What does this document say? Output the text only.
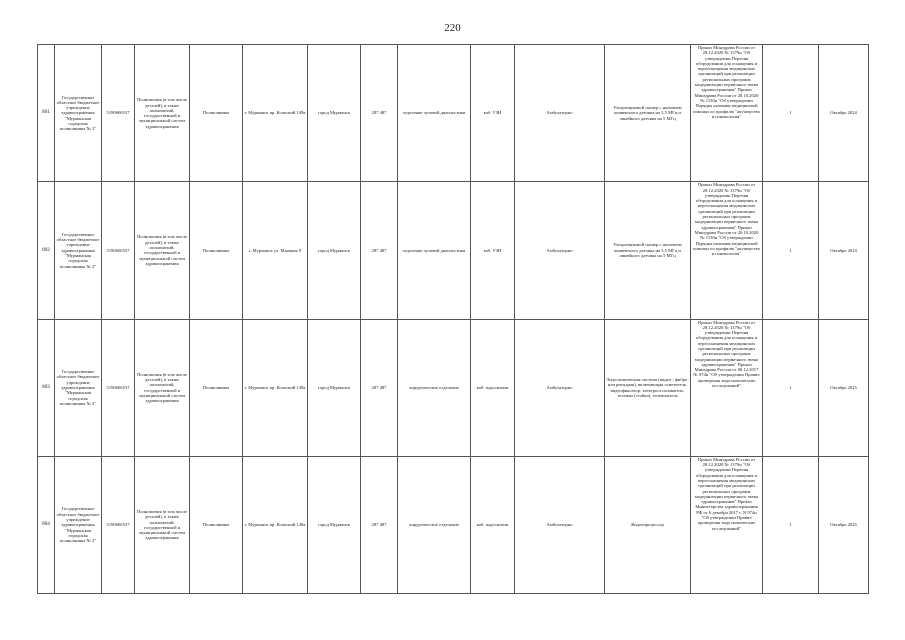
220
801	Государственное областное бюджетное учреждение здравоохранения "Мурманская городская поликлиника № 2"	5190606537	Полномочия (в том числе деталей), в также полномочий, государственной и муниципальной систем здравоохранения	Поликлиника	г. Мурманск пр. Кольский 149а	город Мурманск	287 487	отделение лучевой диагностики	каб. УЗИ	Амбулаторно	Ультразвуковой сканер с наличием конвексного датчика на 3,5 МГц и линейного датчика на 5 МГц	Приказ Минздрава России от 28.12.2020 № 1379н "Об утверждении Перечня оборудования для оснащения и переоснащения медицинских организаций при реализации региональных программ модернизации первичного звена здравоохранения" Приказ Минздрава России от 28.10.2020 № 1130н "Об утверждении Порядка оказания медицинской помощи по профилю "акушерство и гинекология"	1	Октябрь 2024
802	Государственное областное бюджетное учреждение здравоохранения "Мурманская городская поликлиника № 2"	5190606537	Полномочия (в том числе деталей), в также полномочий, государственной и муниципальной систем здравоохранения	Поликлиника	г. Мурманск ул. Маячная 9	город Мурманск	287 487	отделение лучевой диагностики	каб. УЗИ	Амбулаторно	Ультразвуковой сканер с наличием конвексного датчика на 3,5 МГц и линейного датчика на 5 МГц	Приказ Минздрава России от 28.12.2020 № 1379н "Об утверждении Перечня оборудования для оснащения и переоснащения медицинских организаций при реализации региональных программ модернизации первичного звена здравоохранения" Приказ Минздрава России от 20.10.2020 № 1130н "Об утверждении Порядка оказания медицинской помощи по профилю "акушерство и гинекология"	1	Октябрь 2024
803	Государственное областное бюджетное учреждение здравоохранения "Мурманская городская поликлиника № 2"	5190606537	Полномочия (в том числе деталей), в также полномочий, государственной и муниципальной систем здравоохранения	Поликлиника	г. Мурманск пр. Кольский 149а	город Мурманск	287 487	хирургическое отделение	каб. эндоскопии	Амбулаторно	Эндоскопическая система (видео-, фибро- или ригидная), включающая осветитель, видеофиксатор, электроотсасыватель, тележка (стойка), течеискатель	Приказ Минздрава России от 28.12.2020 № 1379н "Об утверждении Перечня оборудования для оснащения и переоснащения медицинских организаций при реализации региональных программ модернизации первичного звена здравоохранения" Приказ Минздрава России от 06.12.2017 № 974н "Об утверждении Правил проведения эндоскопических исследований"	1	Октябрь 2025
804	Государственное областное бюджетное учреждение здравоохранения "Мурманская городская поликлиника № 2"	5190606537	Полномочия (в том числе деталей), в также полномочий, государственной и муниципальной систем здравоохранения	Поликлиника	г. Мурманск пр. Кольский 149а	город Мурманск	287 487	хирургическое отделение	каб. эндоскопии	Амбулаторно	Видеопроцессор	Приказ Минздрава России от 28.12.2020 № 1379н "Об утверждении Перечня оборудования для оснащения и переоснащения медицинских организаций при реализации региональных программ модернизации первичного звена здравоохранения" Приказ Министерства здравоохранения РФ от 6 декабря 2017 г. N 974н "Об утверждении Правил проведения эндоскопических исследований"	1	Октябрь 2025
